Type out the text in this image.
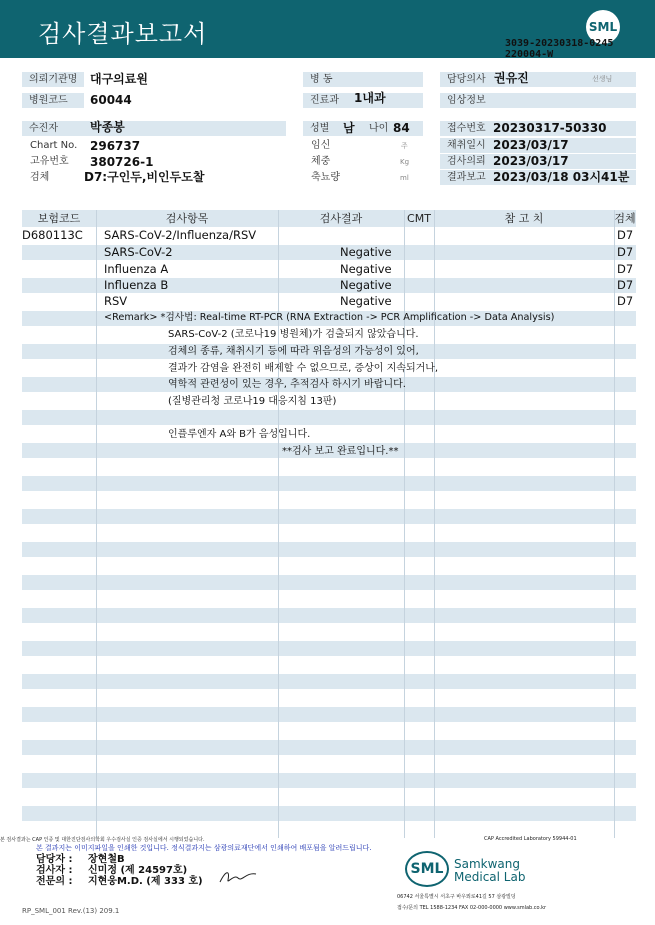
검사결과보고서	SML
3039-20230318-0245
220004-W
의뢰기관명	대구의료원
병원코드	60044
수진자	박종봉
Chart No. 296737
고유번호 380726-1
검체	D7:구인두,비인두도찰
병 동
진료과	1내과
성별	남 나이 84
임신	주
체중	Kg
축뇨량	ml
담당의사 권유진	선생님
임상정보
접수번호 20230317-50330
채취일시 2023/03/17
검사의뢰 2023/03/17
결과보고 2023/03/18 03시41분
보험코드	검사항목	검사결과	CMT	참 고 치	검체
D680113C SARS-CoV-2/Influenza/RSV	D7
SARS-CoV-2	Negative	D7
Influenza A	Negative	D7
Influenza B	Negative	D7
RSV	Negative	D7
<Remark> *검사법: Real-time RT-PCR (RNA Extraction -> PCR Amplification -> Data Analysis)
SARS-CoV-2 (코로나19 병원체)가 검출되지 않았습니다.
검체의 종류, 채취시기 등에 따라 위음성의 가능성이 있어,
결과가 감염을 완전히 배제할 수 없으므로, 증상이 지속되거나,
역학적 관련성이 있는 경우, 추적검사 하시기 바랍니다.
(질병관리청 코로나19 대응지침 13판)
인플루엔자 A와 B가 음성입니다.
**검사 보고 완료입니다.**
본 검사결과는 CAP 인증 및 대한진단검사의학회 우수검사실 인증 검사실에서 시행되었습니다.	CAP Accredited Laboratory 59944-01
본 결과지는 이미지파일을 인쇄한 것입니다. 정식결과지는 삼광의료재단에서 인쇄하여 배포됨을 알려드립니다.
담당자 : 장현철B
검사자 : 신미정 (제 24597호)
전문의 : 지현웅M.D. (제 333 호)
SML Samkwang
Medical Lab
06742 서울특별시 서초구 바우뫼로41길 57 삼광빌딩
접수/문의 TEL 1588-1234 FAX 02-000-0000 www.smlab.co.kr
RP_SML_001 Rev.(13) 209.1
